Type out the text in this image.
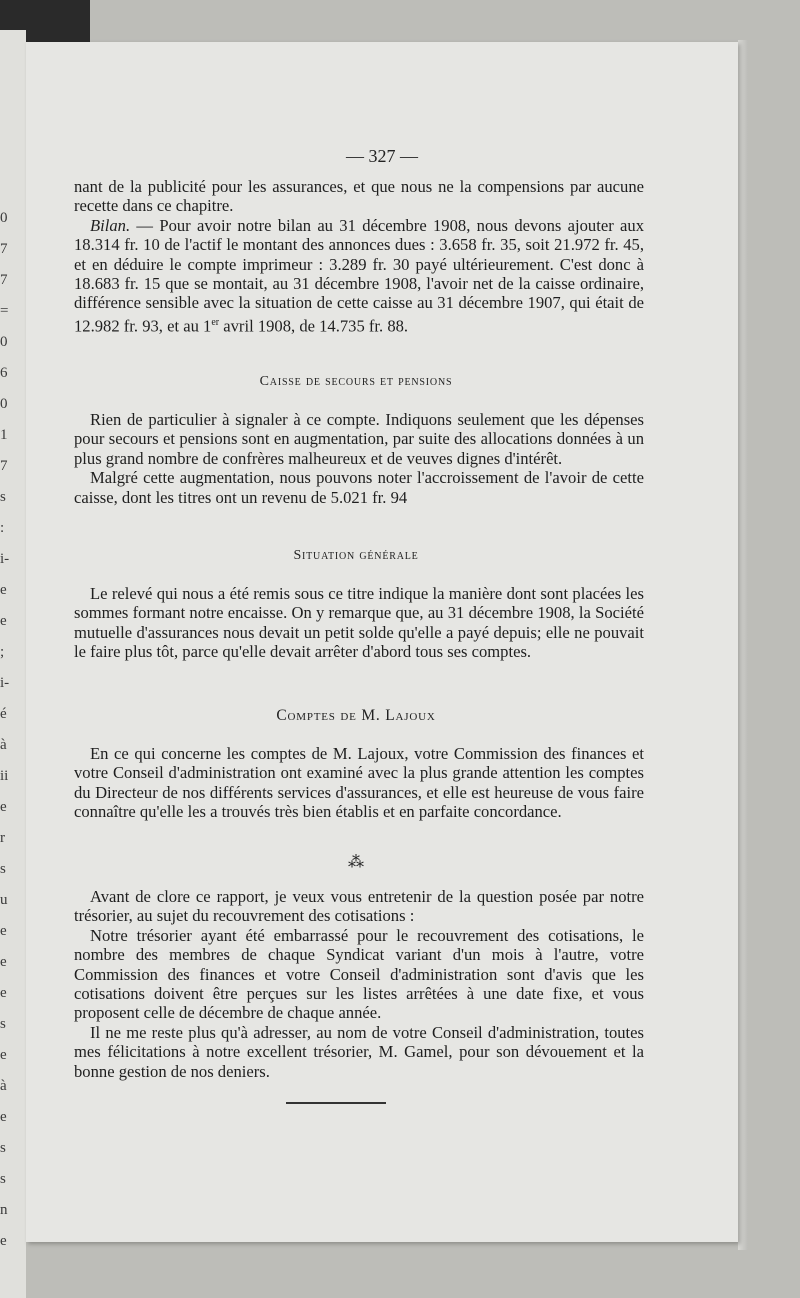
0
7
7
=
0
6
0
1
7
s
:
i-
e
e
;
i-
é
à
ii
e
r
s
u
e
e
e
s
e
à
e
s
s
n
e
— 327 —

nant de la publicité pour les assurances, et que nous ne la compensions par aucune recette dans ce chapitre.

Bilan. — Pour avoir notre bilan au 31 décembre 1908, nous devons ajouter aux 18.314 fr. 10 de l'actif le montant des annonces dues : 3.658 fr. 35, soit 21.972 fr. 45, et en déduire le compte imprimeur : 3.289 fr. 30 payé ultérieurement. C'est donc à 18.683 fr. 15 que se montait, au 31 décembre 1908, l'avoir net de la caisse ordinaire, différence sensible avec la situation de cette caisse au 31 décembre 1907, qui était de 12.982 fr. 93, et au 1er avril 1908, de 14.735 fr. 88.

Caisse de secours et pensions

Rien de particulier à signaler à ce compte. Indiquons seulement que les dépenses pour secours et pensions sont en augmentation, par suite des allocations données à un plus grand nombre de confrères malheureux et de veuves dignes d'intérêt.

Malgré cette augmentation, nous pouvons noter l'accroissement de l'avoir de cette caisse, dont les titres ont un revenu de 5.021 fr. 94

Situation générale

Le relevé qui nous a été remis sous ce titre indique la manière dont sont placées les sommes formant notre encaisse. On y remarque que, au 31 décembre 1908, la Société mutuelle d'assurances nous devait un petit solde qu'elle a payé depuis; elle ne pouvait le faire plus tôt, parce qu'elle devait arrêter d'abord tous ses comptes.

Comptes de M. Lajoux

En ce qui concerne les comptes de M. Lajoux, votre Commission des finances et votre Conseil d'administration ont examiné avec la plus grande attention les comptes du Directeur de nos différents services d'assurances, et elle est heureuse de vous faire connaître qu'elle les a trouvés très bien établis et en parfaite concordance.

⁂

Avant de clore ce rapport, je veux vous entretenir de la question posée par notre trésorier, au sujet du recouvrement des cotisations :

Notre trésorier ayant été embarrassé pour le recouvrement des cotisations, le nombre des membres de chaque Syndicat variant d'un mois à l'autre, votre Commission des finances et votre Conseil d'administration sont d'avis que les cotisations doivent être perçues sur les listes arrêtées à une date fixe, et vous proposent celle de décembre de chaque année.

Il ne me reste plus qu'à adresser, au nom de votre Conseil d'administration, toutes mes félicitations à notre excellent trésorier, M. Gamel, pour son dévouement et la bonne gestion de nos deniers.
